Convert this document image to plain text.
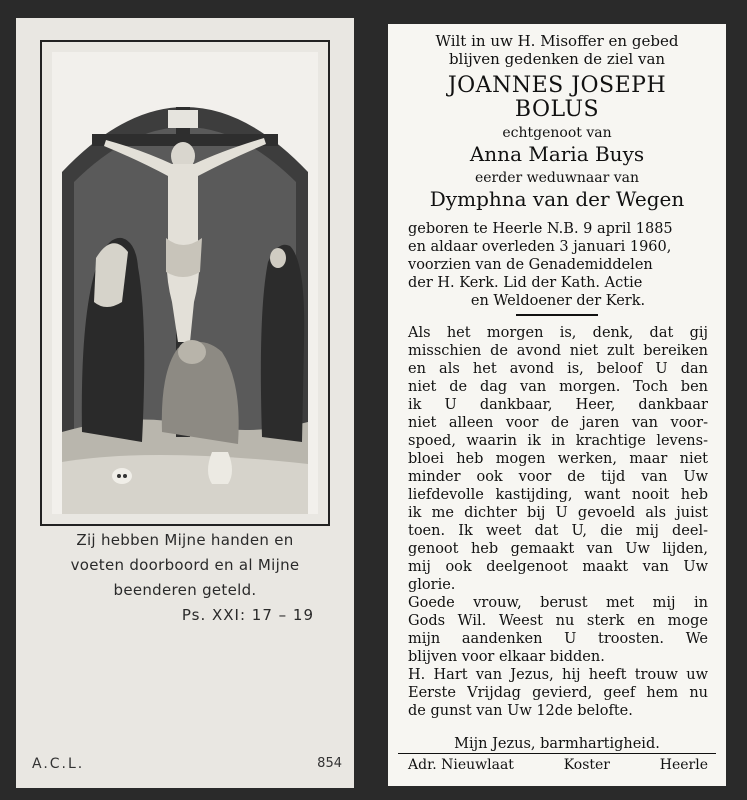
Zij hebben Mijne handen en
voeten doorboord en al Mijne
beenderen geteld.
Ps. XXI: 17 – 19
A.C.L.	854
Wilt in uw H. Misoffer en gebed
blijven gedenken de ziel van
JOANNES JOSEPH
BOLUS
echtgenoot van
Anna Maria Buys
eerder weduwnaar van
Dymphna van der Wegen
geboren te Heerle N.B. 9 april 1885
en aldaar overleden 3 januari 1960,
voorzien van de Genademiddelen
der H. Kerk. Lid der Kath. Actie
en Weldoener der Kerk.
Als het morgen is, denk, dat gij
misschien de avond niet zult bereiken
en als het avond is, beloof U dan
niet de dag van morgen. Toch ben
ik U dankbaar, Heer, dankbaar
niet alleen voor de jaren van voor-
spoed, waarin ik in krachtige levens-
bloei heb mogen werken, maar niet
minder ook voor de tijd van Uw
liefdevolle kastijding, want nooit heb
ik me dichter bij U gevoeld als juist
toen. Ik weet dat U, die mij deel-
genoot heb gemaakt van Uw lijden,
mij ook deelgenoot maakt van Uw
glorie.
Goede vrouw, berust met mij in
Gods Wil. Weest nu sterk en moge
mijn aandenken U troosten. We
blijven voor elkaar bidden.
H. Hart van Jezus, hij heeft trouw uw
Eerste Vrijdag gevierd, geef hem nu
de gunst van Uw 12de belofte.
Mijn Jezus, barmhartigheid.
Adr. Nieuwlaat	Koster	Heerle
